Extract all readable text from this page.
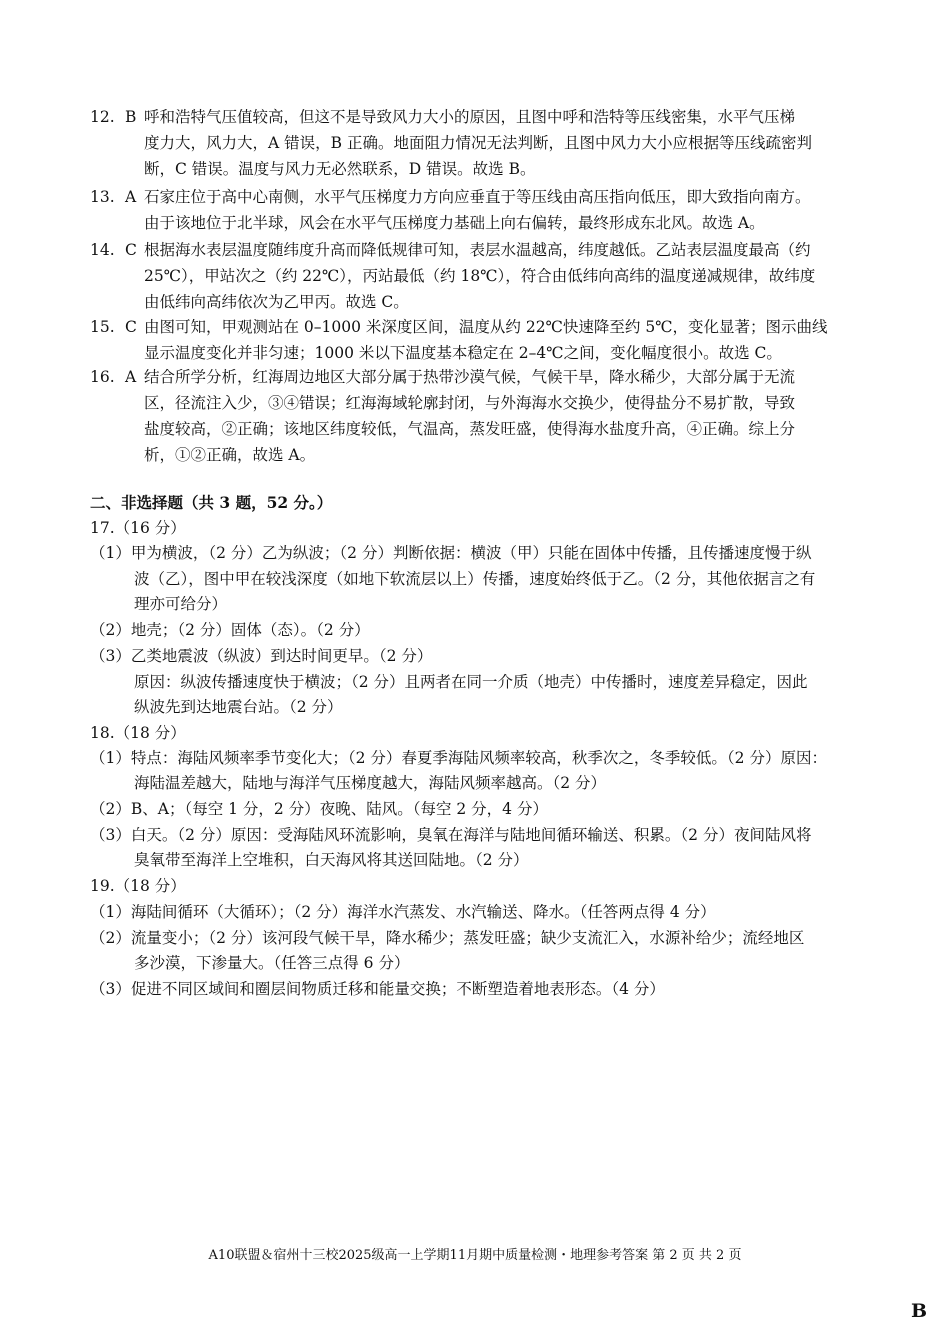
12. B 呼和浩特气压值较高，但这不是导致风力大小的原因，且图中呼和浩特等压线密集，水平气压梯
度力大，风力大，A 错误，B 正确。地面阻力情况无法判断，且图中风力大小应根据等压线疏密判
断，C 错误。温度与风力无必然联系，D 错误。故选 B。
13. A 石家庄位于高中心南侧，水平气压梯度力方向应垂直于等压线由高压指向低压，即大致指向南方。
由于该地位于北半球，风会在水平气压梯度力基础上向右偏转，最终形成东北风。故选 A。
14. C 根据海水表层温度随纬度升高而降低规律可知，表层水温越高，纬度越低。乙站表层温度最高（约
25℃），甲站次之（约 22℃），丙站最低（约 18℃），符合由低纬向高纬的温度递减规律，故纬度
由低纬向高纬依次为乙甲丙。故选 C。
15. C 由图可知，甲观测站在 0–1000 米深度区间，温度从约 22℃快速降至约 5℃，变化显著；图示曲线
显示温度变化并非匀速；1000 米以下温度基本稳定在 2–4℃之间，变化幅度很小。故选 C。
16. A 结合所学分析，红海周边地区大部分属于热带沙漠气候，气候干旱，降水稀少，大部分属于无流
区，径流注入少，③④错误；红海海域轮廓封闭，与外海海水交换少，使得盐分不易扩散，导致
盐度较高，②正确；该地区纬度较低，气温高，蒸发旺盛，使得海水盐度升高，④正确。综上分
析，①②正确，故选 A。
二、非选择题（共 3 题，52 分。）
17.（16 分）
（1）甲为横波，（2 分）乙为纵波；（2 分）判断依据：横波（甲）只能在固体中传播，且传播速度慢于纵
波（乙），图中甲在较浅深度（如地下软流层以上）传播，速度始终低于乙。（2 分，其他依据言之有
理亦可给分）
（2）地壳；（2 分）固体（态）。（2 分）
（3）乙类地震波（纵波）到达时间更早。（2 分）
原因：纵波传播速度快于横波；（2 分）且两者在同一介质（地壳）中传播时，速度差异稳定，因此
纵波先到达地震台站。（2 分）
18.（18 分）
（1）特点：海陆风频率季节变化大；（2 分）春夏季海陆风频率较高，秋季次之，冬季较低。（2 分）原因：
海陆温差越大，陆地与海洋气压梯度越大，海陆风频率越高。（2 分）
（2）B、A；（每空 1 分，2 分）夜晚、陆风。（每空 2 分，4 分）
（3）白天。（2 分）原因：受海陆风环流影响，臭氧在海洋与陆地间循环输送、积累。（2 分）夜间陆风将
臭氧带至海洋上空堆积，白天海风将其送回陆地。（2 分）
19.（18 分）
（1）海陆间循环（大循环）；（2 分）海洋水汽蒸发、水汽输送、降水。（任答两点得 4 分）
（2）流量变小；（2 分）该河段气候干旱，降水稀少；蒸发旺盛；缺少支流汇入，水源补给少；流经地区
多沙漠，下渗量大。（任答三点得 6 分）
（3）促进不同区域间和圈层间物质迁移和能量交换；不断塑造着地表形态。（4 分）
A10联盟＆宿州十三校2025级高一上学期11月期中质量检测・地理参考答案 第 2 页 共 2 页
B
